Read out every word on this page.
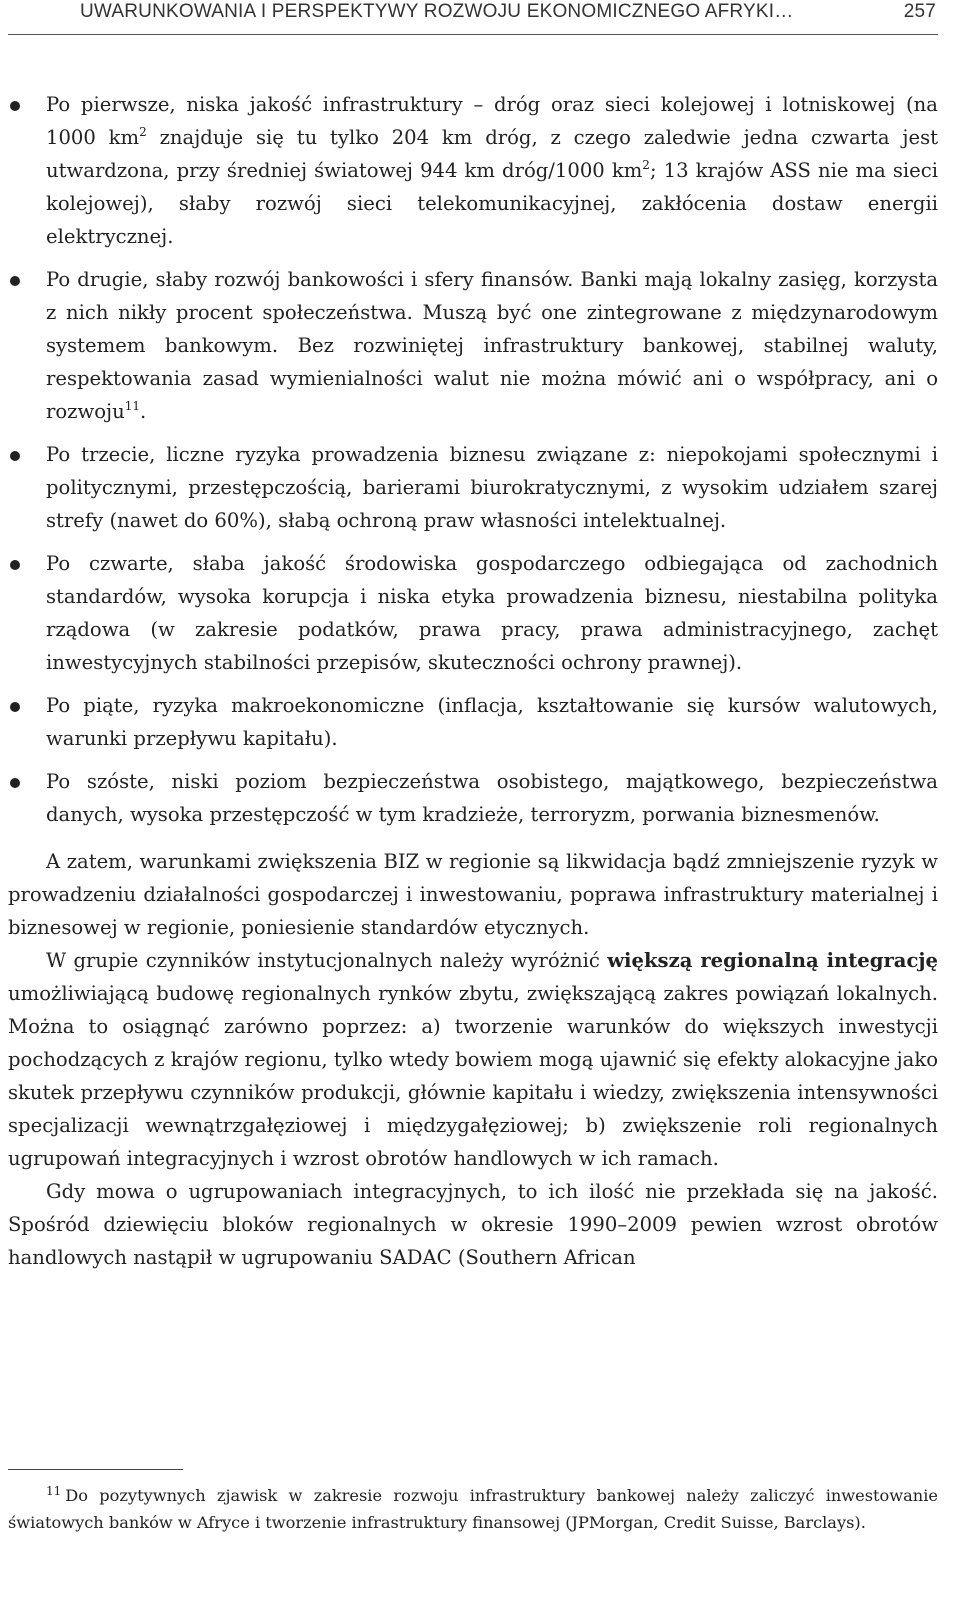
UWARUNKOWANIA I PERSPEKTYWY ROZWOJU EKONOMICZNEGO AFRYKI…	257
Po pierwsze, niska jakość infrastruktury – dróg oraz sieci kolejowej i lotniskowej (na 1000 $km^2$ znajduje się tu tylko 204 km dróg, z czego zaledwie jedna czwarta jest utwardzona, przy średniej światowej 944 km dróg/1000 $km^2$; 13 krajów ASS nie ma sieci kolejowej), słaby rozwój sieci telekomunikacyjnej, zakłócenia dostaw energii elektrycznej.
Po drugie, słaby rozwój bankowości i sfery finansów. Banki mają lokalny zasięg, korzysta z nich nikły procent społeczeństwa. Muszą być one zintegrowane z międzynarodowym systemem bankowym. Bez rozwiniętej infrastruktury bankowej, stabilnej waluty, respektowania zasad wymienialności walut nie można mówić ani o współpracy, ani o rozwoju$^{11}$.
Po trzecie, liczne ryzyka prowadzenia biznesu związane z: niepokojami społecznymi i politycznymi, przestępczością, barierami biurokratycznymi, z wysokim udziałem szarej strefy (nawet do 60%), słabą ochroną praw własności intelektualnej.
Po czwarte, słaba jakość środowiska gospodarczego odbiegająca od zachodnich standardów, wysoka korupcja i niska etyka prowadzenia biznesu, niestabilna polityka rządowa (w zakresie podatków, prawa pracy, prawa administracyjnego, zachęt inwestycyjnych stabilności przepisów, skuteczności ochrony prawnej).
Po piąte, ryzyka makroekonomiczne (inflacja, kształtowanie się kursów walutowych, warunki przepływu kapitału).
Po szóste, niski poziom bezpieczeństwa osobistego, majątkowego, bezpieczeństwa danych, wysoka przestępczość w tym kradzieże, terroryzm, porwania biznesmenów.

A zatem, warunkami zwiększenia BIZ w regionie są likwidacja bądź zmniejszenie ryzyk w prowadzeniu działalności gospodarczej i inwestowaniu, poprawa infrastruktury materialnej i biznesowej w regionie, poniesienie standardów etycznych.

W grupie czynników instytucjonalnych należy wyróżnić większą regionalną integrację umożliwiającą budowę regionalnych rynków zbytu, zwiększającą zakres powiązań lokalnych. Można to osiągnąć zarówno poprzez: a) tworzenie warunków do większych inwestycji pochodzących z krajów regionu, tylko wtedy bowiem mogą ujawnić się efekty alokacyjne jako skutek przepływu czynników produkcji, głównie kapitału i wiedzy, zwiększenia intensywności specjalizacji wewnątrzgałęziowej i międzygałęziowej; b) zwiększenie roli regionalnych ugrupowań integracyjnych i wzrost obrotów handlowych w ich ramach.

Gdy mowa o ugrupowaniach integracyjnych, to ich ilość nie przekłada się na jakość. Spośród dziewięciu bloków regionalnych w okresie 1990–2009 pewien wzrost obrotów handlowych nastąpił w ugrupowaniu SADAC (Southern African

$^{11}$ Do pozytywnych zjawisk w zakresie rozwoju infrastruktury bankowej należy zaliczyć inwestowanie światowych banków w Afryce i tworzenie infrastruktury finansowej (JPMorgan, Credit Suisse, Barclays).
